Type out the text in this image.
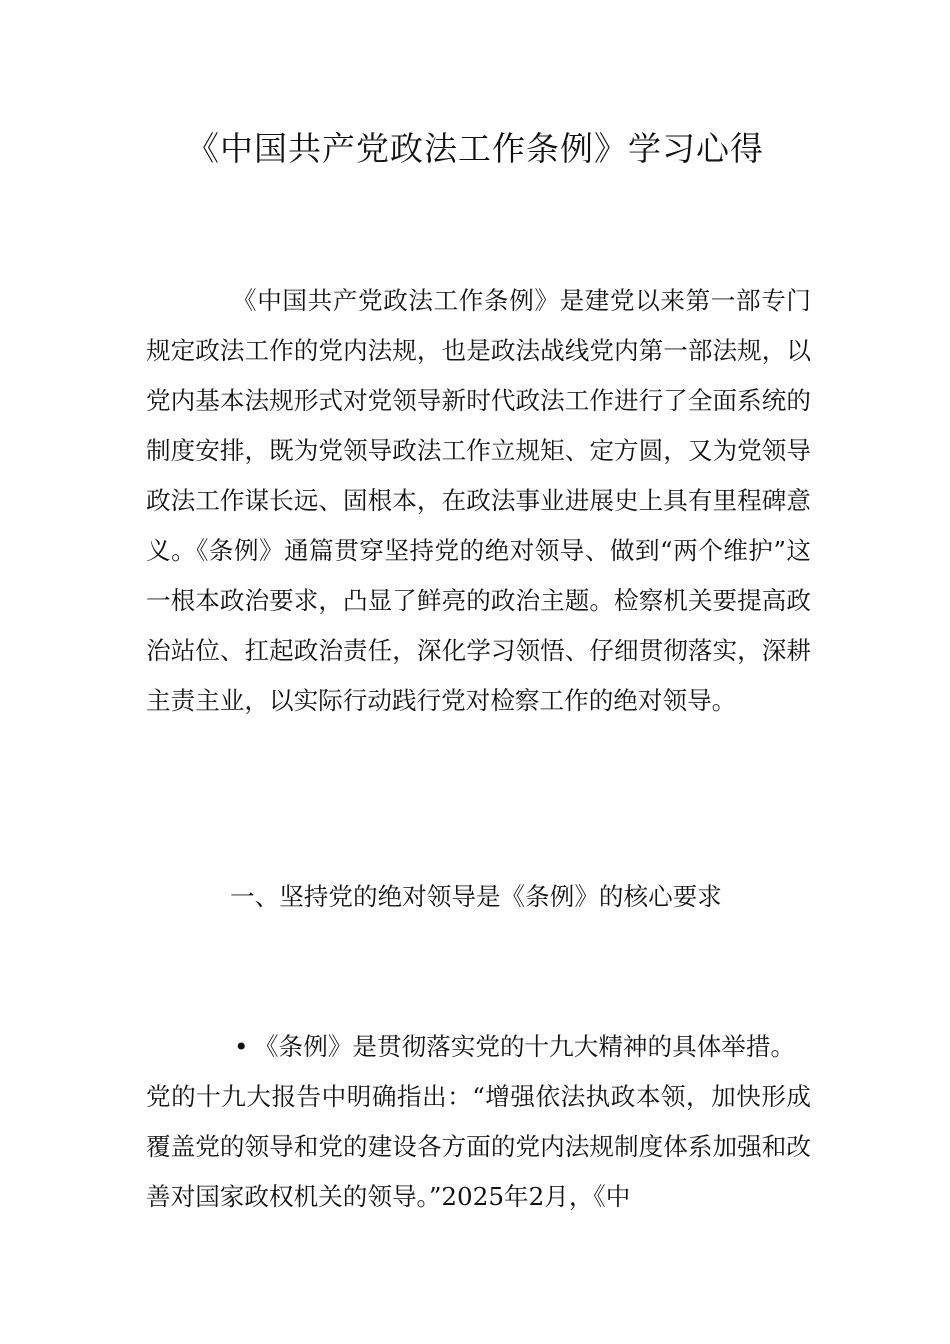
《中国共产党政法工作条例》学习心得

《中国共产党政法工作条例》是建党以来第一部专门规定政法工作的党内法规，也是政法战线党内第一部法规，以党内基本法规形式对党领导新时代政法工作进行了全面系统的制度安排，既为党领导政法工作立规矩、定方圆，又为党领导政法工作谋长远、固根本，在政法事业进展史上具有里程碑意义。《条例》通篇贯穿坚持党的绝对领导、做到“两个维护”这一根本政治要求，凸显了鲜亮的政治主题。检察机关要提高政治站位、扛起政治责任，深化学习领悟、仔细贯彻落实，深耕主责主业，以实际行动践行党对检察工作的绝对领导。

一、坚持党的绝对领导是《条例》的核心要求

• 《条例》是贯彻落实党的十九大精神的具体举措。
党的十九大报告中明确指出：“增强依法执政本领，加快形成覆盖党的领导和党的建设各方面的党内法规制度体系加强和改善对国家政权机关的领导。”2025年2月，《中
